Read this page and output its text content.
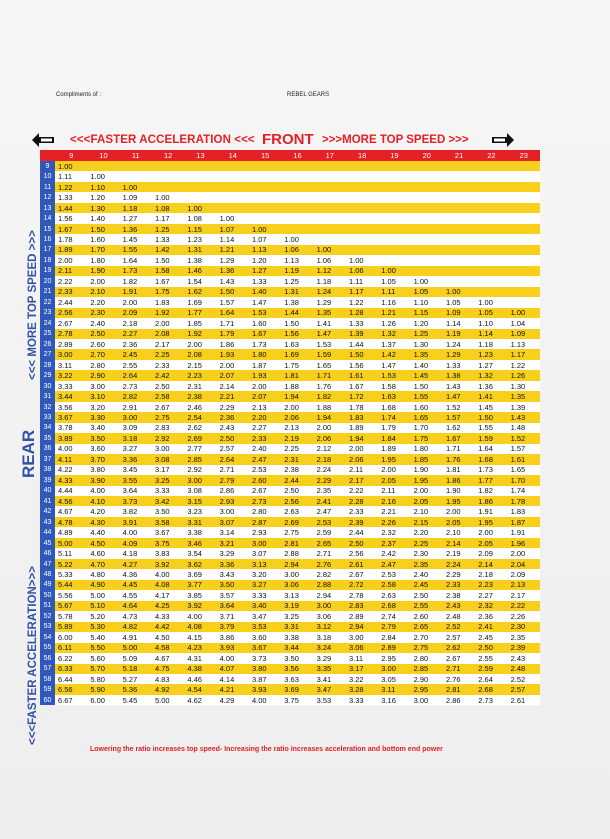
Compliments of :	REBEL GEARS
<<<FASTER ACCELERATION <<< FRONT >>>MORE TOP SPEED >>>
<<< MORE TOP SPEED >>>
REAR
<<<FASTER ACCELERATION>>>
	9	10	11	12	13	14	15	16	17	18	19	20	21	22	23
9	1.00														
10	1.11	1.00													
11	1.22	1.10	1.00												
12	1.33	1.20	1.09	1.00											
13	1.44	1.30	1.18	1.08	1.00										
14	1.56	1.40	1.27	1.17	1.08	1.00									
15	1.67	1.50	1.36	1.25	1.15	1.07	1.00								
16	1.78	1.60	1.45	1.33	1.23	1.14	1.07	1.00							
17	1.89	1.70	1.55	1.42	1.31	1.21	1.13	1.06	1.00						
18	2.00	1.80	1.64	1.50	1.38	1.29	1.20	1.13	1.06	1.00					
19	2.11	1.90	1.73	1.58	1.46	1.36	1.27	1.19	1.12	1.06	1.00				
20	2.22	2.00	1.82	1.67	1.54	1.43	1.33	1.25	1.18	1.11	1.05	1.00			
21	2.33	2.10	1.91	1.75	1.62	1.50	1.40	1.31	1.24	1.17	1.11	1.05	1.00		
22	2.44	2.20	2.00	1.83	1.69	1.57	1.47	1.38	1.29	1.22	1.16	1.10	1.05	1.00	
23	2.56	2.30	2.09	1.92	1.77	1.64	1.53	1.44	1.35	1.28	1.21	1.15	1.09	1.05	1.00
24	2.67	2.40	2.18	2.00	1.85	1.71	1.60	1.50	1.41	1.33	1.26	1.20	1.14	1.10	1.04
25	2.78	2.50	2.27	2.08	1.92	1.79	1.67	1.56	1.47	1.39	1.32	1.25	1.19	1.14	1.09
26	2.89	2.60	2.36	2.17	2.00	1.86	1.73	1.63	1.53	1.44	1.37	1.30	1.24	1.18	1.13
27	3.00	2.70	2.45	2.25	2.08	1.93	1.80	1.69	1.59	1.50	1.42	1.35	1.29	1.23	1.17
28	3.11	2.80	2.55	2.33	2.15	2.00	1.87	1.75	1.65	1.56	1.47	1.40	1.33	1.27	1.22
29	3.22	2.90	2.64	2.42	2.23	2.07	1.93	1.81	1.71	1.61	1.53	1.45	1.38	1.32	1.26
30	3.33	3.00	2.73	2.50	2.31	2.14	2.00	1.88	1.76	1.67	1.58	1.50	1.43	1.36	1.30
31	3.44	3.10	2.82	2.58	2.38	2.21	2.07	1.94	1.82	1.72	1.63	1.55	1.47	1.41	1.35
32	3.56	3.20	2.91	2.67	2.46	2.29	2.13	2.00	1.88	1.78	1.68	1.60	1.52	1.45	1.39
33	3.67	3.30	3.00	2.75	2.54	2.36	2.20	2.06	1.94	1.83	1.74	1.65	1.57	1.50	1.43
34	3.78	3.40	3.09	2.83	2.62	2.43	2.27	2.13	2.00	1.89	1.79	1.70	1.62	1.55	1.48
35	3.89	3.50	3.18	2.92	2.69	2.50	2.33	2.19	2.06	1.94	1.84	1.75	1.67	1.59	1.52
36	4.00	3.60	3.27	3.00	2.77	2.57	2.40	2.25	2.12	2.00	1.89	1.80	1.71	1.64	1.57
37	4.11	3.70	3.36	3.08	2.85	2.64	2.47	2.31	2.18	2.06	1.95	1.85	1.76	1.68	1.61
38	4.22	3.80	3.45	3.17	2.92	2.71	2.53	2.38	2.24	2.11	2.00	1.90	1.81	1.73	1.65
39	4.33	3.90	3.55	3.25	3.00	2.79	2.60	2.44	2.29	2.17	2.05	1.95	1.86	1.77	1.70
40	4.44	4.00	3.64	3.33	3.08	2.86	2.67	2.50	2.35	2.22	2.11	2.00	1.90	1.82	1.74
41	4.56	4.10	3.73	3.42	3.15	2.93	2.73	2.56	2.41	2.28	2.16	2.05	1.95	1.86	1.78
42	4.67	4.20	3.82	3.50	3.23	3.00	2.80	2.63	2.47	2.33	2.21	2.10	2.00	1.91	1.83
43	4.78	4.30	3.91	3.58	3.31	3.07	2.87	2.69	2.53	2.39	2.26	2.15	2.05	1.95	1.87
44	4.89	4.40	4.00	3.67	3.38	3.14	2.93	2.75	2.59	2.44	2.32	2.20	2.10	2.00	1.91
45	5.00	4.50	4.09	3.75	3.46	3.21	3.00	2.81	2.65	2.50	2.37	2.25	2.14	2.05	1.96
46	5.11	4.60	4.18	3.83	3.54	3.29	3.07	2.88	2.71	2.56	2.42	2.30	2.19	2.09	2.00
47	5.22	4.70	4.27	3.92	3.62	3.36	3.13	2.94	2.76	2.61	2.47	2.35	2.24	2.14	2.04
48	5.33	4.80	4.36	4.00	3.69	3.43	3.20	3.00	2.82	2.67	2.53	2.40	2.29	2.18	2.09
49	5.44	4.90	4.45	4.08	3.77	3.50	3.27	3.06	2.88	2.72	2.58	2.45	2.33	2.23	2.13
50	5.56	5.00	4.55	4.17	3.85	3.57	3.33	3.13	2.94	2.78	2.63	2.50	2.38	2.27	2.17
51	5.67	5.10	4.64	4.25	3.92	3.64	3.40	3.19	3.00	2.83	2.68	2.55	2.43	2.32	2.22
52	5.78	5.20	4.73	4.33	4.00	3.71	3.47	3.25	3.06	2.89	2.74	2.60	2.48	2.36	2.26
53	5.89	5.30	4.82	4.42	4.08	3.79	3.53	3.31	3.12	2.94	2.79	2.65	2.52	2.41	2.30
54	6.00	5.40	4.91	4.50	4.15	3.86	3.60	3.38	3.18	3.00	2.84	2.70	2.57	2.45	2.35
55	6.11	5.50	5.00	4.58	4.23	3.93	3.67	3.44	3.24	3.06	2.89	2.75	2.62	2.50	2.39
56	6.22	5.60	5.09	4.67	4.31	4.00	3.73	3.50	3.29	3.11	2.95	2.80	2.67	2.55	2.43
57	6.33	5.70	5.18	4.75	4.38	4.07	3.80	3.56	3.35	3.17	3.00	2.85	2.71	2.59	2.48
58	6.44	5.80	5.27	4.83	4.46	4.14	3.87	3.63	3.41	3.22	3.05	2.90	2.76	2.64	2.52
59	6.56	5.90	5.36	4.92	4.54	4.21	3.93	3.69	3.47	3.28	3.11	2.95	2.81	2.68	2.57
60	6.67	6.00	5.45	5.00	4.62	4.29	4.00	3.75	3.53	3.33	3.16	3.00	2.86	2.73	2.61
Lowering the ratio increases top speed- Increasing the ratio increases acceleration and bottom end power
